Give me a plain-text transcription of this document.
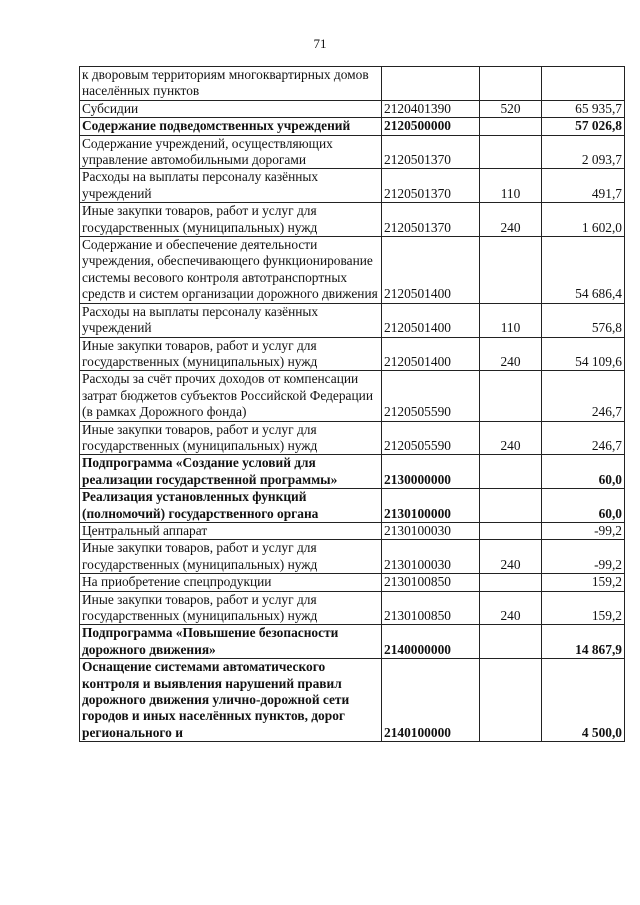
71
к дворовым территориям многоквартирных домов населённых пунктов			
Субсидии	2120401390	520	65 935,7
Содержание подведомственных учреждений	2120500000		57 026,8
Содержание учреждений, осуществляющих управление автомобильными дорогами	2120501370		2 093,7
Расходы на выплаты персоналу казённых учреждений	2120501370	110	491,7
Иные закупки товаров, работ и услуг для государственных (муниципальных) нужд	2120501370	240	1 602,0
Содержание и обеспечение деятельности учреждения, обеспечивающего функционирование системы весового контроля автотранспортных средств и систем организации дорожного движения	2120501400		54 686,4
Расходы на выплаты персоналу казённых учреждений	2120501400	110	576,8
Иные закупки товаров, работ и услуг для государственных (муниципальных) нужд	2120501400	240	54 109,6
Расходы за счёт прочих доходов от компенсации затрат бюджетов субъектов Российской Федерации (в рамках Дорожного фонда)	2120505590		246,7
Иные закупки товаров, работ и услуг для государственных (муниципальных) нужд	2120505590	240	246,7
Подпрограмма «Создание условий для реализации государственной программы»	2130000000		60,0
Реализация установленных функций (полномочий) государственного органа	2130100000		60,0
Центральный аппарат	2130100030		-99,2
Иные закупки товаров, работ и услуг для государственных (муниципальных) нужд	2130100030	240	-99,2
На приобретение спецпродукции	2130100850		159,2
Иные закупки товаров, работ и услуг для государственных (муниципальных) нужд	2130100850	240	159,2
Подпрограмма «Повышение безопасности дорожного движения»	2140000000		14 867,9
Оснащение системами автоматического контроля и выявления нарушений правил дорожного движения улично-дорожной сети городов и иных населённых пунктов, дорог регионального и	2140100000		4 500,0
